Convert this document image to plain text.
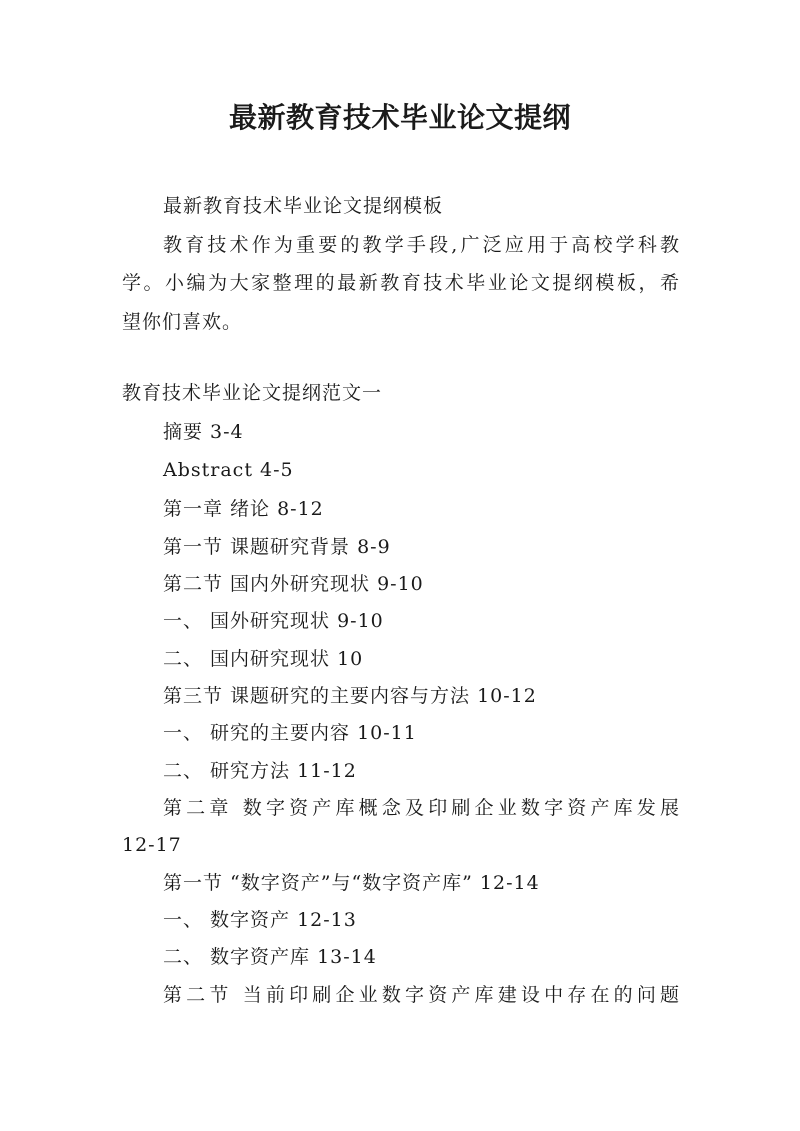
最新教育技术毕业论文提纲
最新教育技术毕业论文提纲模板
教育技术作为重要的教学手段,广泛应用于高校学科教
学。小编为大家整理的最新教育技术毕业论文提纲模板，希
望你们喜欢。
教育技术毕业论文提纲范文一
摘要 3-4
Abstract 4-5
第一章 绪论 8-12
第一节 课题研究背景 8-9
第二节 国内外研究现状 9-10
一、 国外研究现状 9-10
二、 国内研究现状 10
第三节 课题研究的主要内容与方法 10-12
一、 研究的主要内容 10-11
二、 研究方法 11-12
第二章 数字资产库概念及印刷企业数字资产库发展
12-17
第一节 “数字资产”与“数字资产库” 12-14
一、 数字资产 12-13
二、 数字资产库 13-14
第二节 当前印刷企业数字资产库建设中存在的问题
